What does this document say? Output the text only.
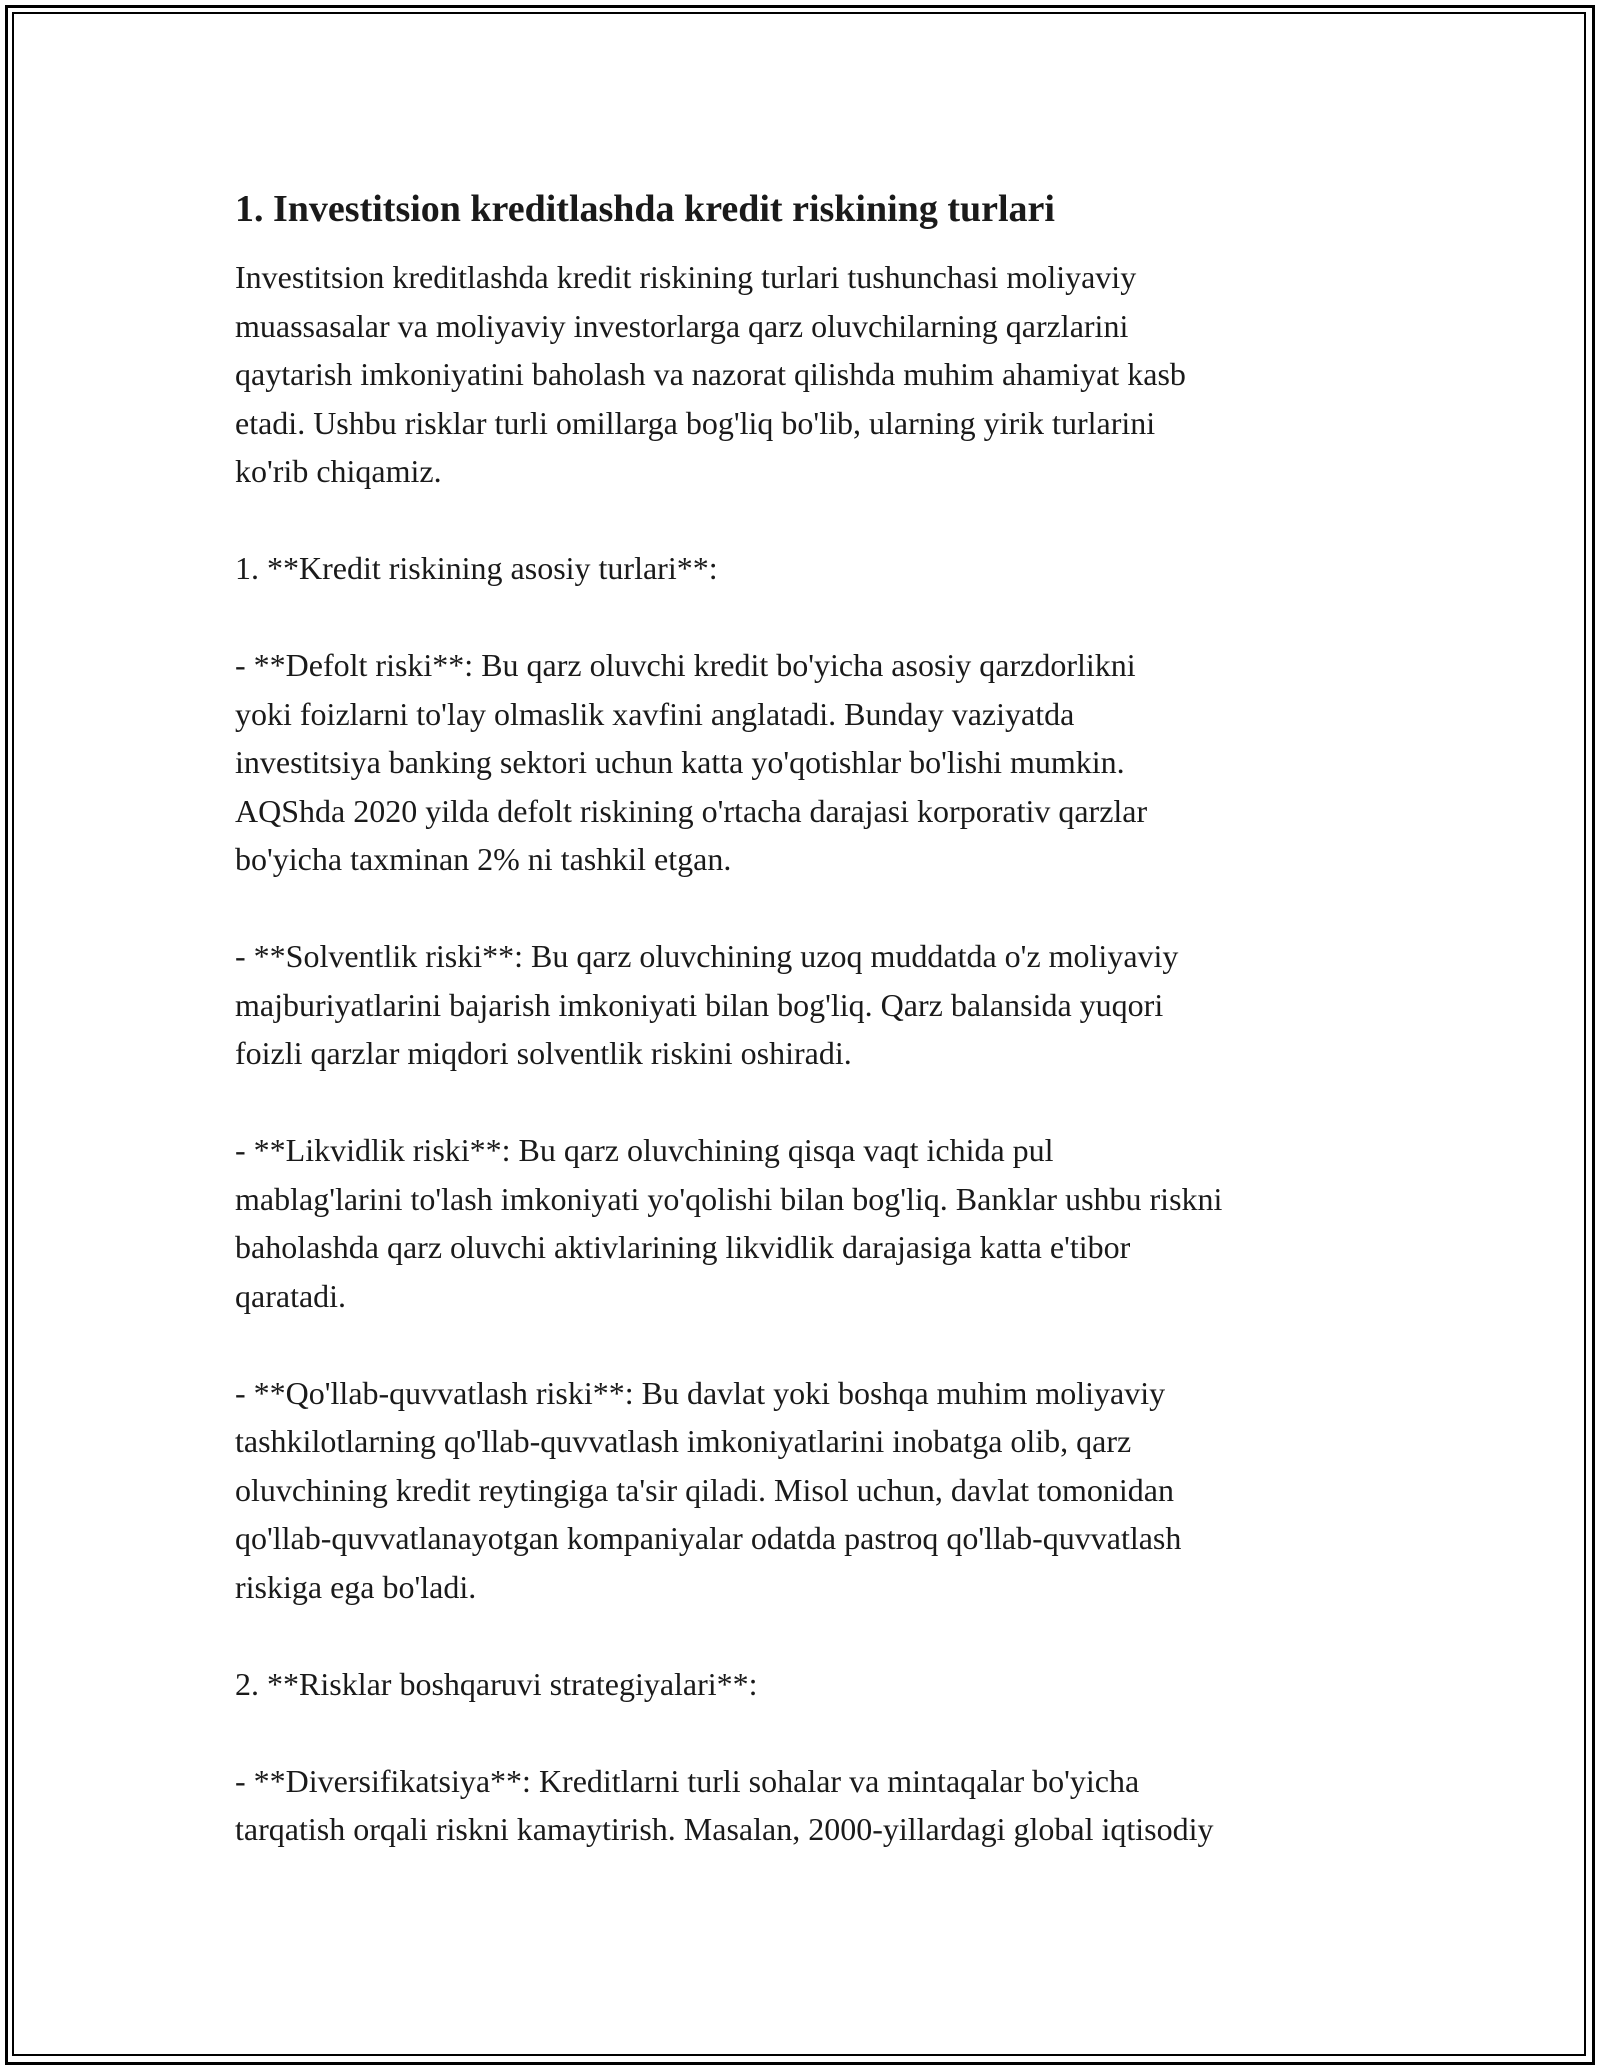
1. Investitsion kreditlashda kredit riskining turlari

Investitsion kreditlashda kredit riskining turlari tushunchasi moliyaviy
muassasalar va moliyaviy investorlarga qarz oluvchilarning qarzlarini
qaytarish imkoniyatini baholash va nazorat qilishda muhim ahamiyat kasb
etadi. Ushbu risklar turli omillarga bog'liq bo'lib, ularning yirik turlarini
ko'rib chiqamiz.

1. **Kredit riskining asosiy turlari**:

- **Defolt riski**: Bu qarz oluvchi kredit bo'yicha asosiy qarzdorlikni
yoki foizlarni to'lay olmaslik xavfini anglatadi. Bunday vaziyatda
investitsiya banking sektori uchun katta yo'qotishlar bo'lishi mumkin.
AQShda 2020 yilda defolt riskining o'rtacha darajasi korporativ qarzlar
bo'yicha taxminan 2% ni tashkil etgan.

- **Solventlik riski**: Bu qarz oluvchining uzoq muddatda o'z moliyaviy
majburiyatlarini bajarish imkoniyati bilan bog'liq. Qarz balansida yuqori
foizli qarzlar miqdori solventlik riskini oshiradi.

- **Likvidlik riski**: Bu qarz oluvchining qisqa vaqt ichida pul
mablag'larini to'lash imkoniyati yo'qolishi bilan bog'liq. Banklar ushbu riskni
baholashda qarz oluvchi aktivlarining likvidlik darajasiga katta e'tibor
qaratadi.

- **Qo'llab-quvvatlash riski**: Bu davlat yoki boshqa muhim moliyaviy
tashkilotlarning qo'llab-quvvatlash imkoniyatlarini inobatga olib, qarz
oluvchining kredit reytingiga ta'sir qiladi. Misol uchun, davlat tomonidan
qo'llab-quvvatlanayotgan kompaniyalar odatda pastroq qo'llab-quvvatlash
riskiga ega bo'ladi.

2. **Risklar boshqaruvi strategiyalari**:

- **Diversifikatsiya**: Kreditlarni turli sohalar va mintaqalar bo'yicha
tarqatish orqali riskni kamaytirish. Masalan, 2000-yillardagi global iqtisodiy
